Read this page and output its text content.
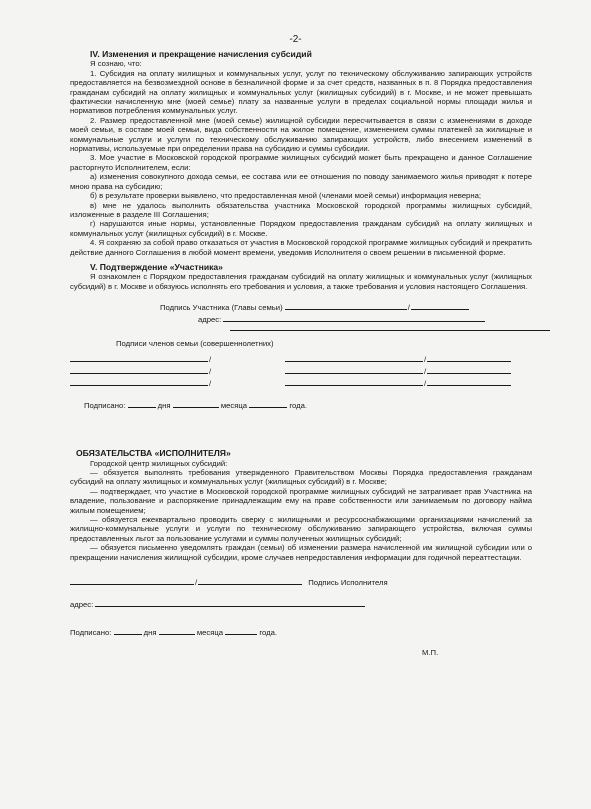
-2-

IV. Изменения и прекращение начисления субсидий

Я сознаю, что:

1. Субсидия на оплату жилищных и коммунальных услуг, услуг по техническому обслуживанию запирающих устройств предоставляется на безвозмездной основе в безналичной форме и за счет средств, названных в п. 8 Порядка предоставления гражданам субсидий на оплату жилищных и коммунальных услуг (жилищных субсидий) в г. Москве, и не может превышать фактически начисленную мне (моей семье) плату за названные услуги в пределах социальной нормы площади жилья и нормативов потребления коммунальных услуг.

2. Размер предоставленной мне (моей семье) жилищной субсидии пересчитывается в связи с изменениями в доходе моей семьи, в составе моей семьи, вида собственности на жилое помещение, изменением суммы платежей за жилищные и коммунальные услуги и услуги по техническому обслуживанию запирающих устройств, либо внесением изменений в нормативы, используемые при определении права на субсидию и суммы субсидии.

3. Мое участие в Московской городской программе жилищных субсидий может быть прекращено и данное Соглашение расторгнуто Исполнителем, если:

а) изменения совокупного дохода семьи, ее состава или ее отношения по поводу занимаемого жилья приводят к потере мною права на субсидию;

б) в результате проверки выявлено, что предоставленная мной (членами моей семьи) информация неверна;

в) мне не удалось выполнить обязательства участника Московской городской программы жилищных субсидий, изложенные в разделе III Соглашения;

г) нарушаются иные нормы, установленные Порядком предоставления гражданам субсидий на оплату жилищных и коммунальных услуг (жилищных субсидий) в г. Москве.

4. Я сохраняю за собой право отказаться от участия в Московской городской программе жилищных субсидий и прекратить действие данного Соглашения в любой момент времени, уведомив Исполнителя о своем решении в письменной форме.

V. Подтверждение «Участника»

Я ознакомлен с Порядком предоставления гражданам субсидий на оплату жилищных и коммунальных услуг (жилищных субсидий) в г. Москве и обязуюсь исполнять его требования и условия, а также требования и условия настоящего Соглашения.

Подпись Участника (Главы семьи)	/
адрес:
Подписи членов семьи (совершеннолетних)
/	/
/	/
/	/
Подписано:	дня	месяца	года.

ОБЯЗАТЕЛЬСТВА «ИСПОЛНИТЕЛЯ»

Городской центр жилищных субсидий:

— обязуется выполнять требования утвержденного Правительством Москвы Порядка предоставления гражданам субсидий на оплату жилищных и коммунальных услуг (жилищных субсидий) в г. Москве;

— подтверждает, что участие в Московской городской программе жилищных субсидий не затрагивает прав Участника на владение, пользование и распоряжение принадлежащим ему на праве собственности или занимаемым по договору найма жилым помещением;

— обязуется ежеквартально проводить сверку с жилищными и ресурсоснабжающими организациями начислений за жилищно-коммунальные услуги и услуги по техническому обслуживанию запирающего устройства, включая суммы предоставленных льгот за пользование услугами и суммы полученных жилищных субсидий;

— обязуется письменно уведомлять граждан (семьи) об изменении размера начисленной им жилищной субсидии или о прекращении начисления жилищной субсидии, кроме случаев непредоставления информации для годичной переаттестации.

/	Подпись Исполнителя
адрес:
Подписано:	дня	месяца	года.
М.П.
